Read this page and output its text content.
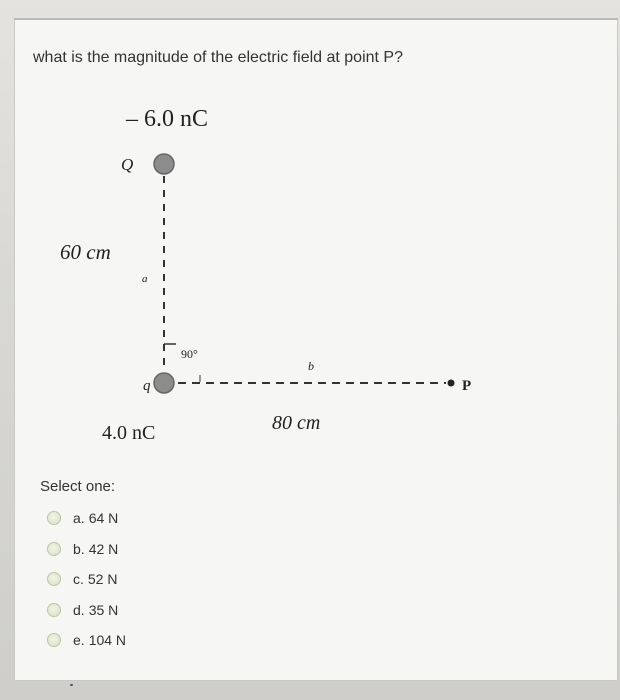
what is the magnitude of the electric field at point P?
– 6.0 nC
Q
60 cm
a
90°
q	P
b
4.0 nC	80 cm
Select one:
a. 64 N
b. 42 N
c. 52 N
d. 35 N
e. 104 N
